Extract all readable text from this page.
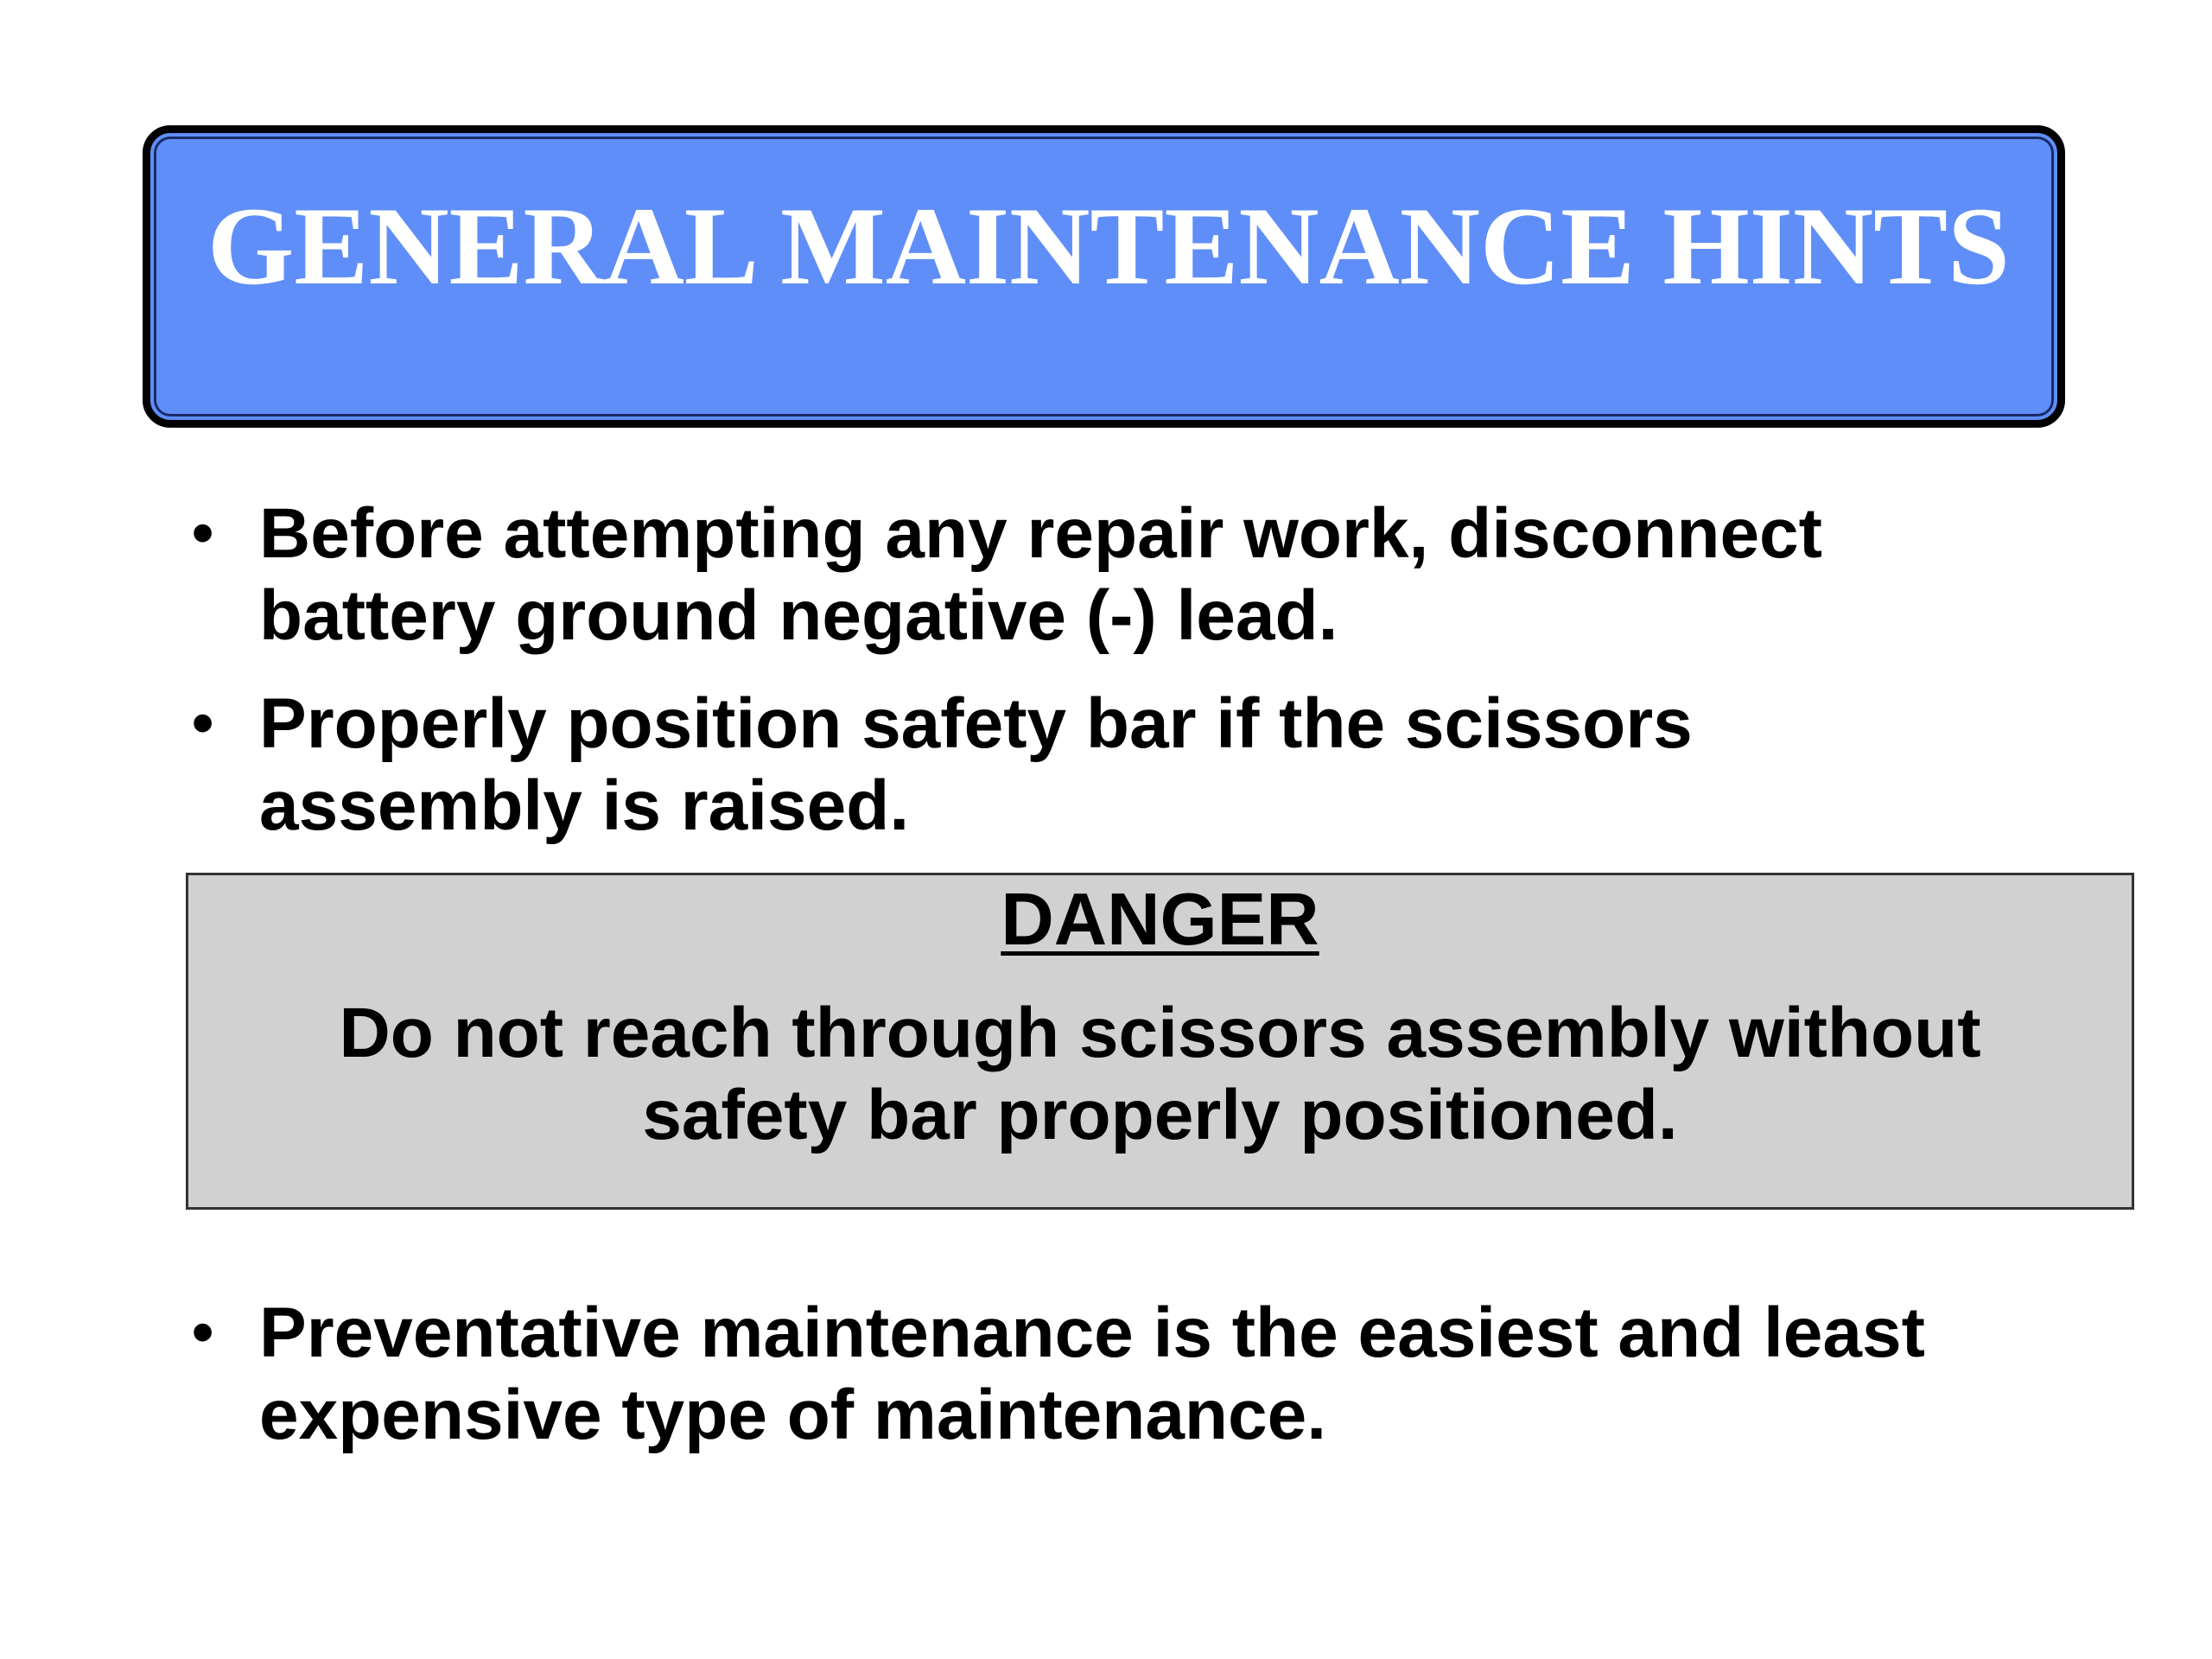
GENERAL MAINTENANCE HINTS
• Before attempting any repair work, disconnect
battery ground negative (-) lead.
• Properly position safety bar if the scissors
assembly is raised.
DANGER
Do not reach through scissors assembly without
safety bar properly positioned.
• Preventative maintenance is the easiest and least
expensive type of maintenance.
